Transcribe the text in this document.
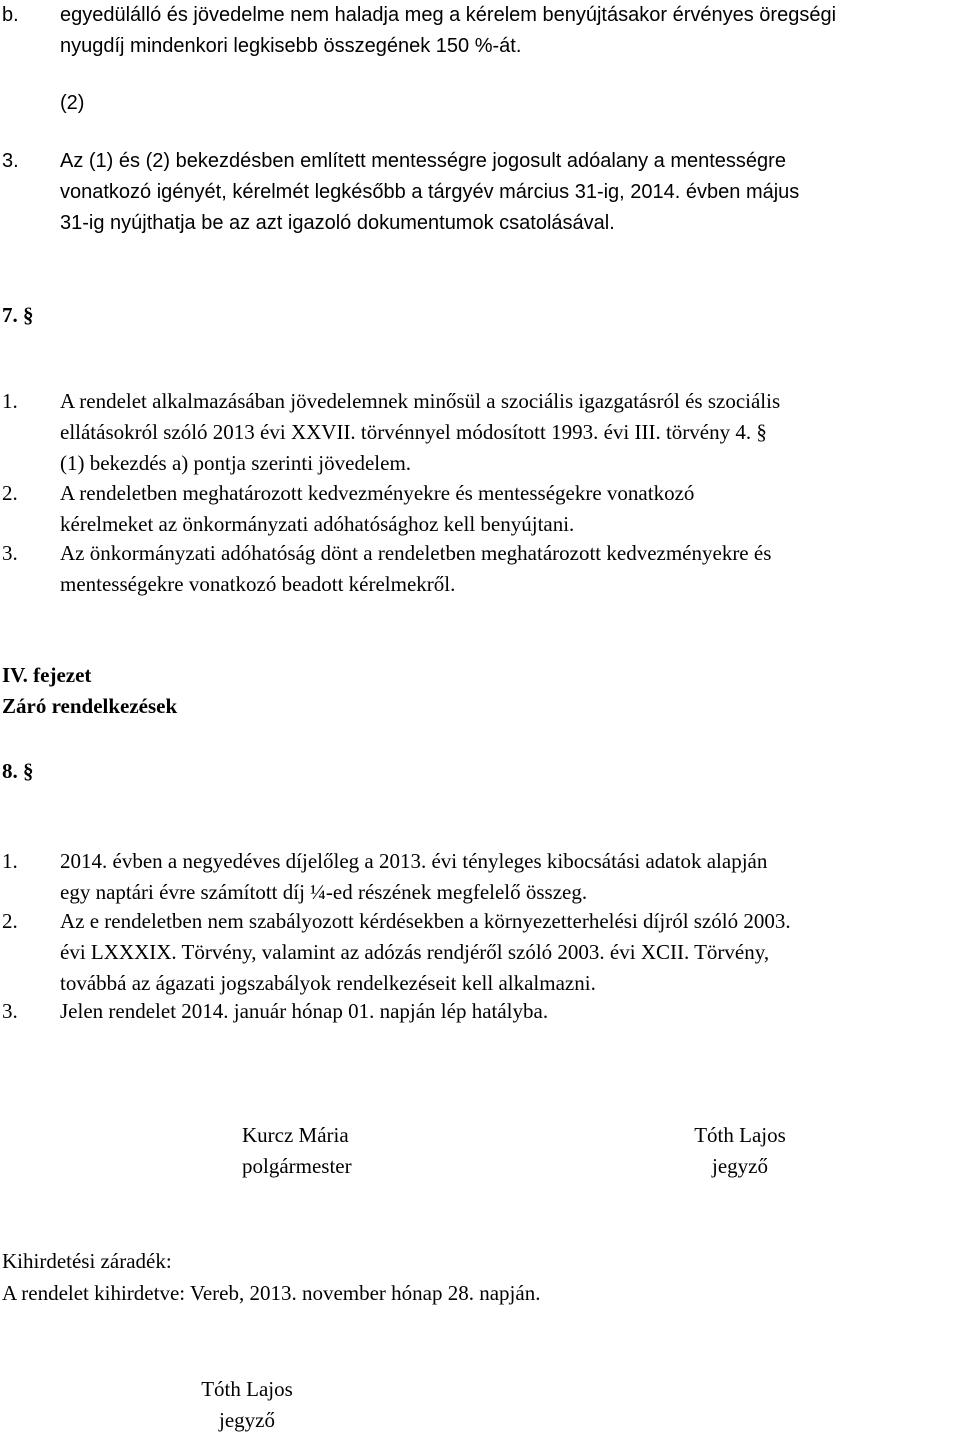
b. egyedülálló és jövedelme nem haladja meg a kérelem benyújtásakor érvényes öregségi
nyugdíj mindenkori legkisebb összegének 150 %-át.
(2)
3. Az (1) és (2) bekezdésben említett mentességre jogosult adóalany a mentességre
vonatkozó igényét, kérelmét legkésőbb a tárgyév március 31-ig, 2014. évben május
31-ig nyújthatja be az azt igazoló dokumentumok csatolásával.
7. §
1. A rendelet alkalmazásában jövedelemnek minősül a szociális igazgatásról és szociális
ellátásokról szóló 2013 évi XXVII. törvénnyel módosított 1993. évi III. törvény 4. §
(1) bekezdés a) pontja szerinti jövedelem.
2. A rendeletben meghatározott kedvezményekre és mentességekre vonatkozó
kérelmeket az önkormányzati adóhatósághoz kell benyújtani.
3. Az önkormányzati adóhatóság dönt a rendeletben meghatározott kedvezményekre és
mentességekre vonatkozó beadott kérelmekről.
IV. fejezet
Záró rendelkezések
8. §
1. 2014. évben a negyedéves díjelőleg a 2013. évi tényleges kibocsátási adatok alapján
egy naptári évre számított díj ¼-ed részének megfelelő összeg.
2. Az e rendeletben nem szabályozott kérdésekben a környezetterhelési díjról szóló 2003.
évi LXXXIX. Törvény, valamint az adózás rendjéről szóló 2003. évi XCII. Törvény,
továbbá az ágazati jogszabályok rendelkezéseit kell alkalmazni.
3. Jelen rendelet 2014. január hónap 01. napján lép hatályba.
Kurcz Mária
polgármester
Tóth Lajos
jegyző
Kihirdetési záradék:
A rendelet kihirdetve: Vereb, 2013. november hónap 28. napján.
Tóth Lajos
jegyző
